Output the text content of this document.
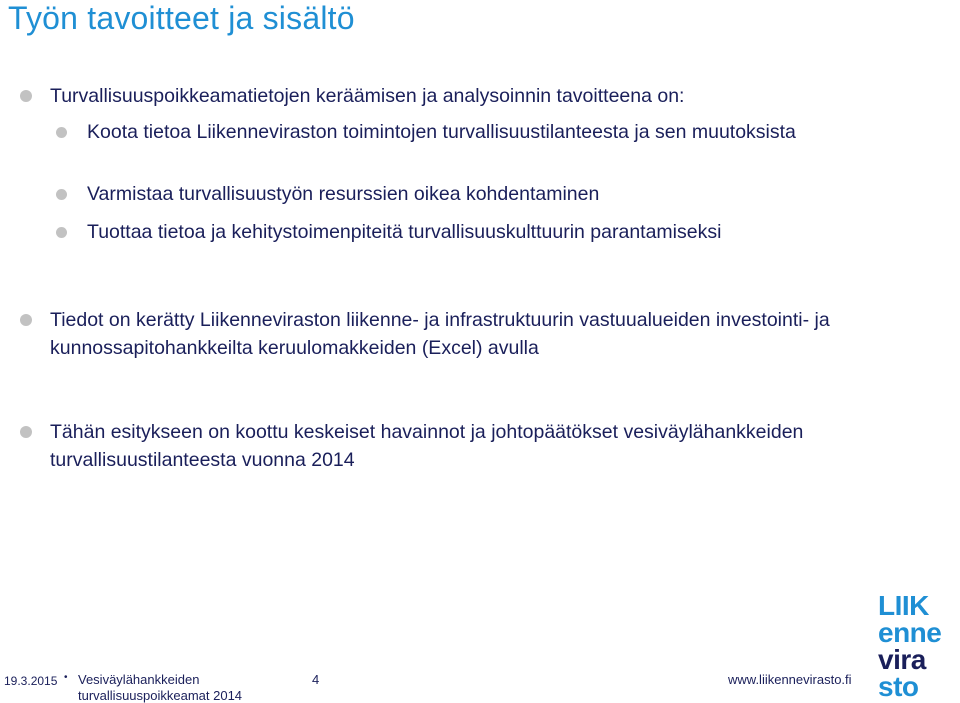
Työn tavoitteet ja sisältö
Turvallisuuspoikkeamatietojen keräämisen ja analysoinnin tavoitteena on:
Koota tietoa Liikenneviraston toimintojen turvallisuustilanteesta ja sen muutoksista
Varmistaa turvallisuustyön resurssien oikea kohdentaminen
Tuottaa tietoa ja kehitystoimenpiteitä turvallisuuskulttuurin parantamiseksi
Tiedot on kerätty Liikenneviraston liikenne- ja infrastruktuurin vastuualueiden investointi- ja kunnossapitohankkeilta keruulomakkeiden (Excel) avulla
Tähän esitykseen on koottu keskeiset havainnot ja johtopäätökset vesiväylähankkeiden turvallisuustilanteesta vuonna 2014
19.3.2015 • Vesiväylähankkeiden
turvallisuuspoikkeamat 2014
4	www.liikennevirasto.fi
LIIK
enne
vira
sto
